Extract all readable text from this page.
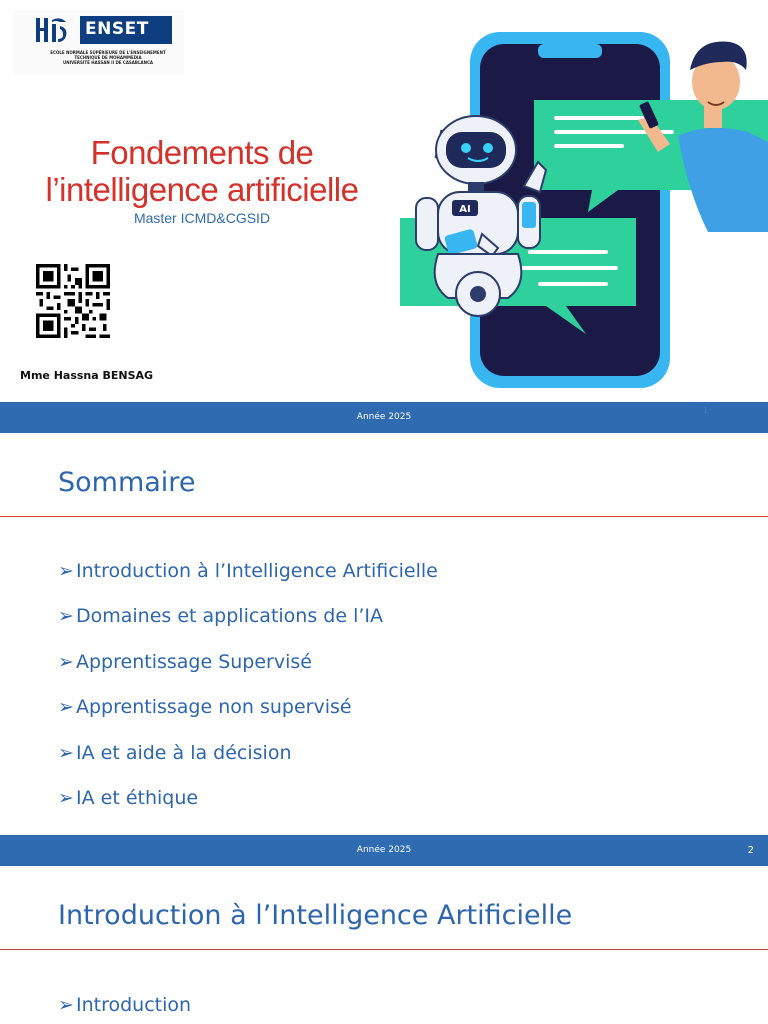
ENSET
ECOLE NORMALE SUPÉRIEURE DE L'ENSEIGNEMENT
TECHNIQUE DE MOHAMMEDIA
UNIVERSITÉ HASSAN II DE CASABLANCA
Fondements de
l’intelligence artificielle
Master ICMD&CGSID
Mme Hassna BENSAG
AI
Année 2025
1
Sommaire
➢ Introduction à l’Intelligence Artificielle
➢ Domaines et applications de l’IA
➢ Apprentissage Supervisé
➢ Apprentissage non supervisé
➢ IA et aide à la décision
➢ IA et éthique
Année 2025	2
Introduction à l’Intelligence Artificielle
➢ Introduction
